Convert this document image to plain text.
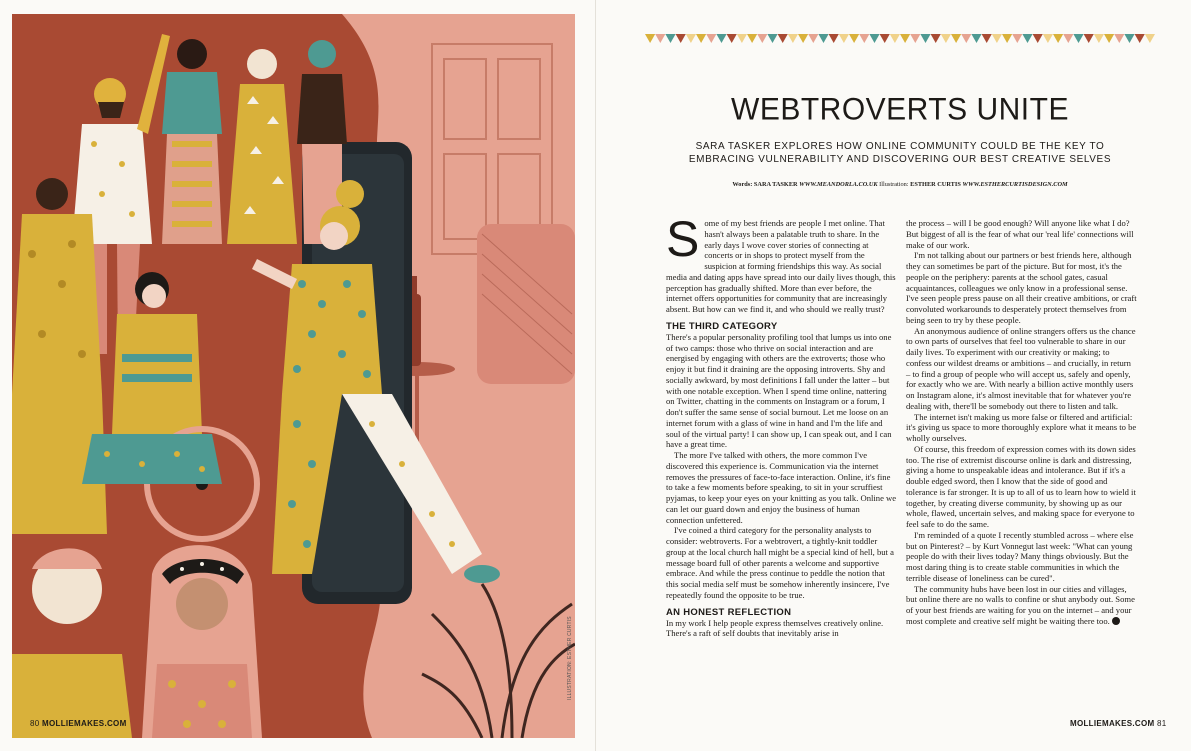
80 MOLLIEMAKES.COM
ILLUSTRATION: ESTHER CURTIS
WEBTROVERTS UNITE

SARA TASKER EXPLORES HOW ONLINE COMMUNITY COULD BE THE KEY TO EMBRACING VULNERABILITY AND DISCOVERING OUR BEST CREATIVE SELVES

Words: SARA TASKER WWW.MEANDORLA.CO.UK Illustration: ESTHER CURTIS WWW.ESTHERCURTISDESIGN.COM

Some of my best friends are people I met online. That hasn't always been a palatable truth to share. In the early days I wove cover stories of connecting at concerts or in shops to protect myself from the suspicion at forming friendships this way. As social media and dating apps have spread into our daily lives though, this perception has gradually shifted. More than ever before, the internet offers opportunities for community that are increasingly absent. But how can we find it, and who should we really trust?

THE THIRD CATEGORY

There's a popular personality profiling tool that lumps us into one of two camps: those who thrive on social interaction and are energised by engaging with others are the extroverts; those who enjoy it but find it draining are the opposing introverts. Shy and socially awkward, by most definitions I fall under the latter – but with one notable exception. When I spend time online, nattering on Twitter, chatting in the comments on Instagram or a forum, I don't suffer the same sense of social burnout. Let me loose on an internet forum with a glass of wine in hand and I'm the life and soul of the virtual party! I can show up, I can speak out, and I can have a great time.

The more I've talked with others, the more common I've discovered this experience is. Communication via the internet removes the pressures of face-to-face interaction. Online, it's fine to take a few moments before speaking, to sit in your scruffiest pyjamas, to keep your eyes on your knitting as you talk. Online we can let our guard down and enjoy the business of human connection unfettered.

I've coined a third category for the personality analysts to consider: webtroverts. For a webtrovert, a tightly-knit toddler group at the local church hall might be a special kind of hell, but a message board full of other parents a welcome and supportive embrace. And while the press continue to peddle the notion that this social media self must be somehow inherently insincere, I've repeatedly found the opposite to be true.

AN HONEST REFLECTION

In my work I help people express themselves creatively online. There's a raft of self doubts that inevitably arise in

the process – will I be good enough? Will anyone like what I do? But biggest of all is the fear of what our 'real life' connections will make of our work.

I'm not talking about our partners or best friends here, although they can sometimes be part of the picture. But for most, it's the people on the periphery: parents at the school gates, casual acquaintances, colleagues we only know in a professional sense. I've seen people press pause on all their creative ambitions, or craft convoluted workarounds to desperately protect themselves from being seen to try by these people.

An anonymous audience of online strangers offers us the chance to own parts of ourselves that feel too vulnerable to share in our daily lives. To experiment with our creativity or making; to confess our wildest dreams or ambitions – and crucially, in return – to find a group of people who will accept us, safely and openly, for exactly who we are. With nearly a billion active monthly users on Instagram alone, it's almost inevitable that for whatever you're dealing with, there'll be somebody out there to listen and talk.

The internet isn't making us more false or filtered and artificial: it's giving us space to more thoroughly explore what it means to be wholly ourselves.

Of course, this freedom of expression comes with its down sides too. The rise of extremist discourse online is dark and distressing, giving a home to unspeakable ideas and intolerance. But if it's a double edged sword, then I know that the side of good and tolerance is far stronger. It is up to all of us to learn how to wield it together, by creating diverse community, by showing up as our whole, flawed, uncertain selves, and making space for everyone to feel safe to do the same.

I'm reminded of a quote I recently stumbled across – where else but on Pinterest? – by Kurt Vonnegut last week: "What can young people do with their lives today? Many things obviously. But the most daring thing is to create stable communities in which the terrible disease of loneliness can be cured".

The community hubs have been lost in our cities and villages, but online there are no walls to confine or shut anybody out. Some of your best friends are waiting for you on the internet – and your most complete and creative self might be waiting there too.

MOLLIEMAKES.COM 81
